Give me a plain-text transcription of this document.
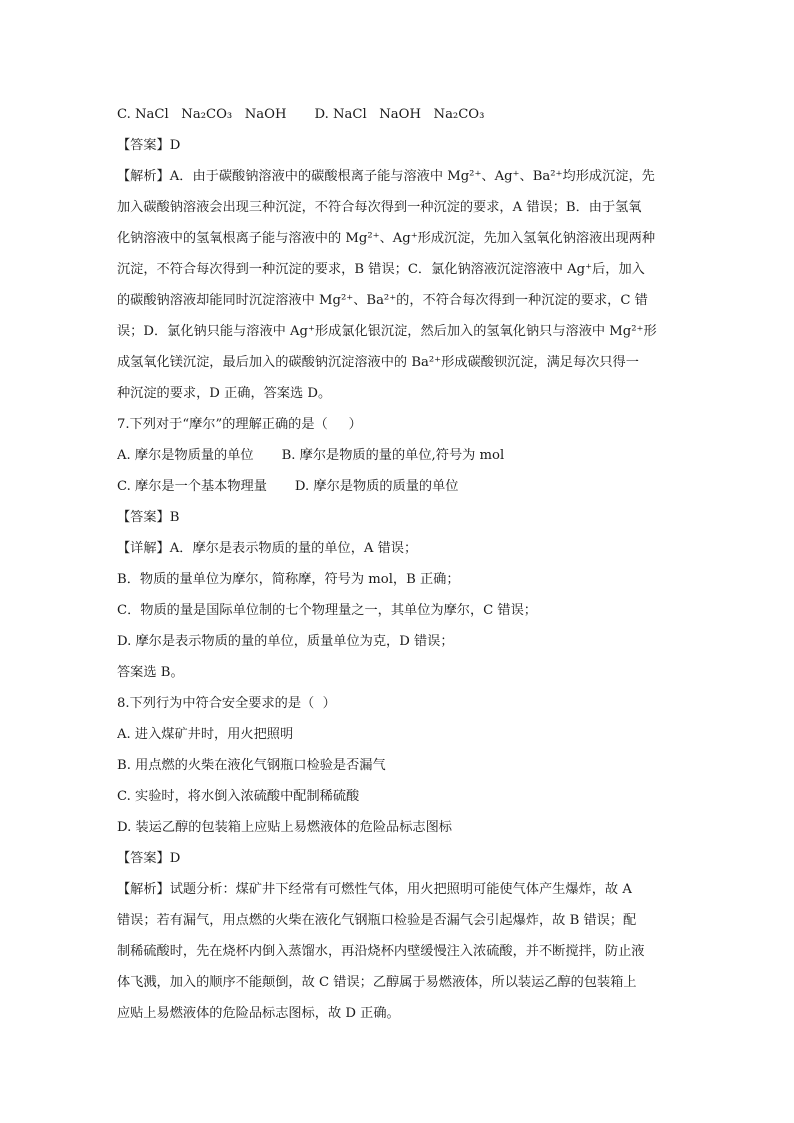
C. NaCl   Na₂CO₃   NaOH D. NaCl   NaOH   Na₂CO₃
【答案】D
【解析】A．由于碳酸钠溶液中的碳酸根离子能与溶液中 Mg²⁺、Ag⁺、Ba²⁺均形成沉淀，先
加入碳酸钠溶液会出现三种沉淀，不符合每次得到一种沉淀的要求，A 错误；B．由于氢氧
化钠溶液中的氢氧根离子能与溶液中的 Mg²⁺、Ag⁺形成沉淀，先加入氢氧化钠溶液出现两种
沉淀，不符合每次得到一种沉淀的要求，B 错误；C．氯化钠溶液沉淀溶液中 Ag⁺后，加入
的碳酸钠溶液却能同时沉淀溶液中 Mg²⁺、Ba²⁺的，不符合每次得到一种沉淀的要求，C 错
误；D．氯化钠只能与溶液中 Ag⁺形成氯化银沉淀，然后加入的氢氧化钠只与溶液中 Mg²⁺形
成氢氧化镁沉淀，最后加入的碳酸钠沉淀溶液中的 Ba²⁺形成碳酸钡沉淀，满足每次只得一
种沉淀的要求，D 正确，答案选 D。
7.下列对于“摩尔”的理解正确的是（     ）
A. 摩尔是物质量的单位 B. 摩尔是物质的量的单位,符号为 mol
C. 摩尔是一个基本物理量 D. 摩尔是物质的质量的单位
【答案】B
【详解】A．摩尔是表示物质的量的单位，A 错误；
B．物质的量单位为摩尔，简称摩，符号为 mol，B 正确；
C．物质的量是国际单位制的七个物理量之一，其单位为摩尔，C 错误；
D. 摩尔是表示物质的量的单位，质量单位为克，D 错误；
答案选 B。
8.下列行为中符合安全要求的是（  ）
A. 进入煤矿井时，用火把照明
B. 用点燃的火柴在液化气钢瓶口检验是否漏气
C. 实验时，将水倒入浓硫酸中配制稀硫酸
D. 装运乙醇的包装箱上应贴上易燃液体的危险品标志图标
【答案】D
【解析】试题分析：煤矿井下经常有可燃性气体，用火把照明可能使气体产生爆炸，故 A
错误；若有漏气，用点燃的火柴在液化气钢瓶口检验是否漏气会引起爆炸，故 B 错误；配
制稀硫酸时，先在烧杯内倒入蒸馏水，再沿烧杯内壁缓慢注入浓硫酸，并不断搅拌，防止液
体飞溅，加入的顺序不能颠倒，故 C 错误；乙醇属于易燃液体，所以装运乙醇的包装箱上
应贴上易燃液体的危险品标志图标，故 D 正确。
